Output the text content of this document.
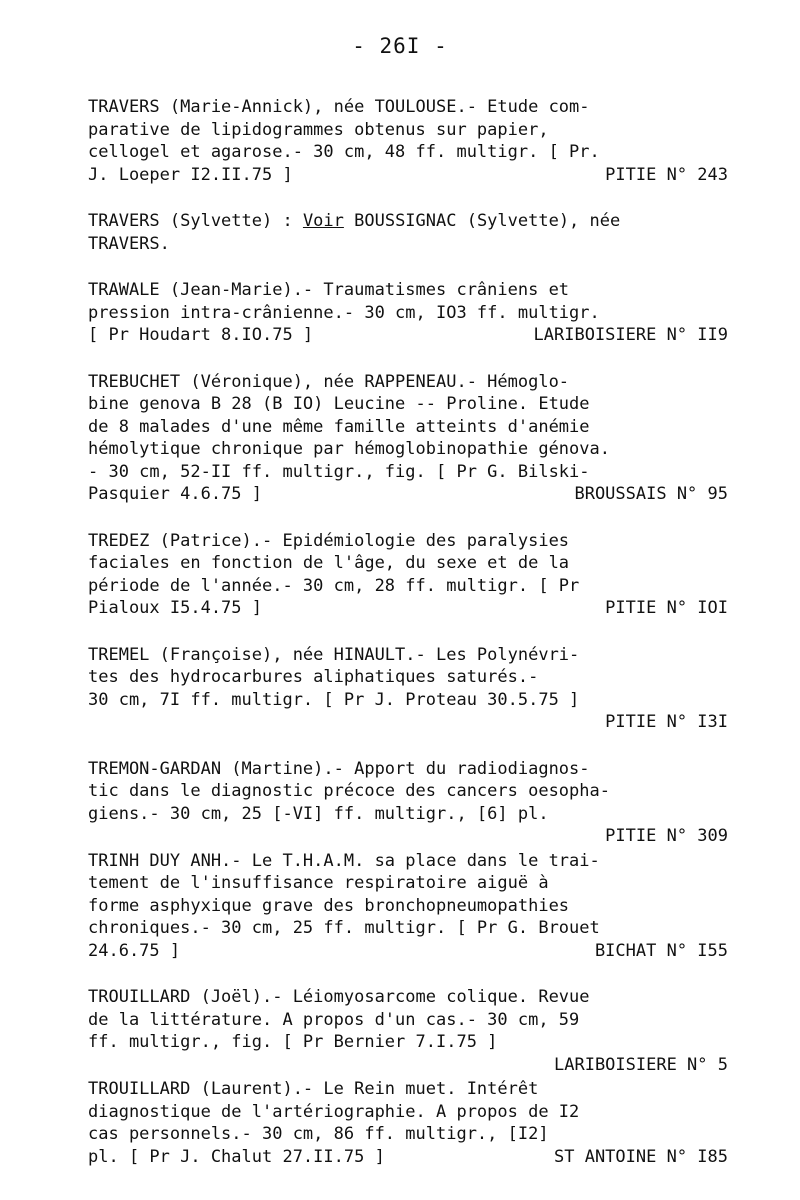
- 26I -
TRAVERS (Marie-Annick), née TOULOUSE.- Etude com-
parative de lipidogrammes obtenus sur papier,
cellogel et agarose.- 30 cm, 48 ff. multigr. [ Pr.
J. Loeper I2.II.75 ]	PITIE N° 243
TRAVERS (Sylvette) : Voir BOUSSIGNAC (Sylvette), née
TRAVERS.
TRAWALE (Jean-Marie).- Traumatismes crâniens et
pression intra-crânienne.- 30 cm, IO3 ff. multigr.
[ Pr Houdart 8.IO.75 ]	LARIBOISIERE N° II9
TREBUCHET (Véronique), née RAPPENEAU.- Hémoglo-
bine genova B 28 (B IO) Leucine -- Proline. Etude
de 8 malades d'une même famille atteints d'anémie
hémolytique chronique par hémoglobinopathie génova.
- 30 cm, 52-II ff. multigr., fig. [ Pr G. Bilski-
Pasquier 4.6.75 ]	BROUSSAIS N° 95
TREDEZ (Patrice).- Epidémiologie des paralysies
faciales en fonction de l'âge, du sexe et de la
période de l'année.- 30 cm, 28 ff. multigr. [ Pr
Pialoux I5.4.75 ]	PITIE N° IOI
TREMEL (Françoise), née HINAULT.- Les Polynévri-
tes des hydrocarbures aliphatiques saturés.-
30 cm, 7I ff. multigr. [ Pr J. Proteau 30.5.75 ]
PITIE N° I3I
TREMON-GARDAN (Martine).- Apport du radiodiagnos-
tic dans le diagnostic précoce des cancers oesopha-
giens.- 30 cm, 25 [-VI] ff. multigr., [6] pl.
PITIE N° 309
TRINH DUY ANH.- Le T.H.A.M. sa place dans le trai-
tement de l'insuffisance respiratoire aiguë à
forme asphyxique grave des bronchopneumopathies
chroniques.- 30 cm, 25 ff. multigr. [ Pr G. Brouet
24.6.75 ]	BICHAT N° I55
TROUILLARD (Joël).- Léiomyosarcome colique. Revue
de la littérature. A propos d'un cas.- 30 cm, 59
ff. multigr., fig. [ Pr Bernier 7.I.75 ]
LARIBOISIERE N° 5
TROUILLARD (Laurent).- Le Rein muet. Intérêt
diagnostique de l'artériographie. A propos de I2
cas personnels.- 30 cm, 86 ff. multigr., [I2]
pl. [ Pr J. Chalut 27.II.75 ]	ST ANTOINE N° I85
